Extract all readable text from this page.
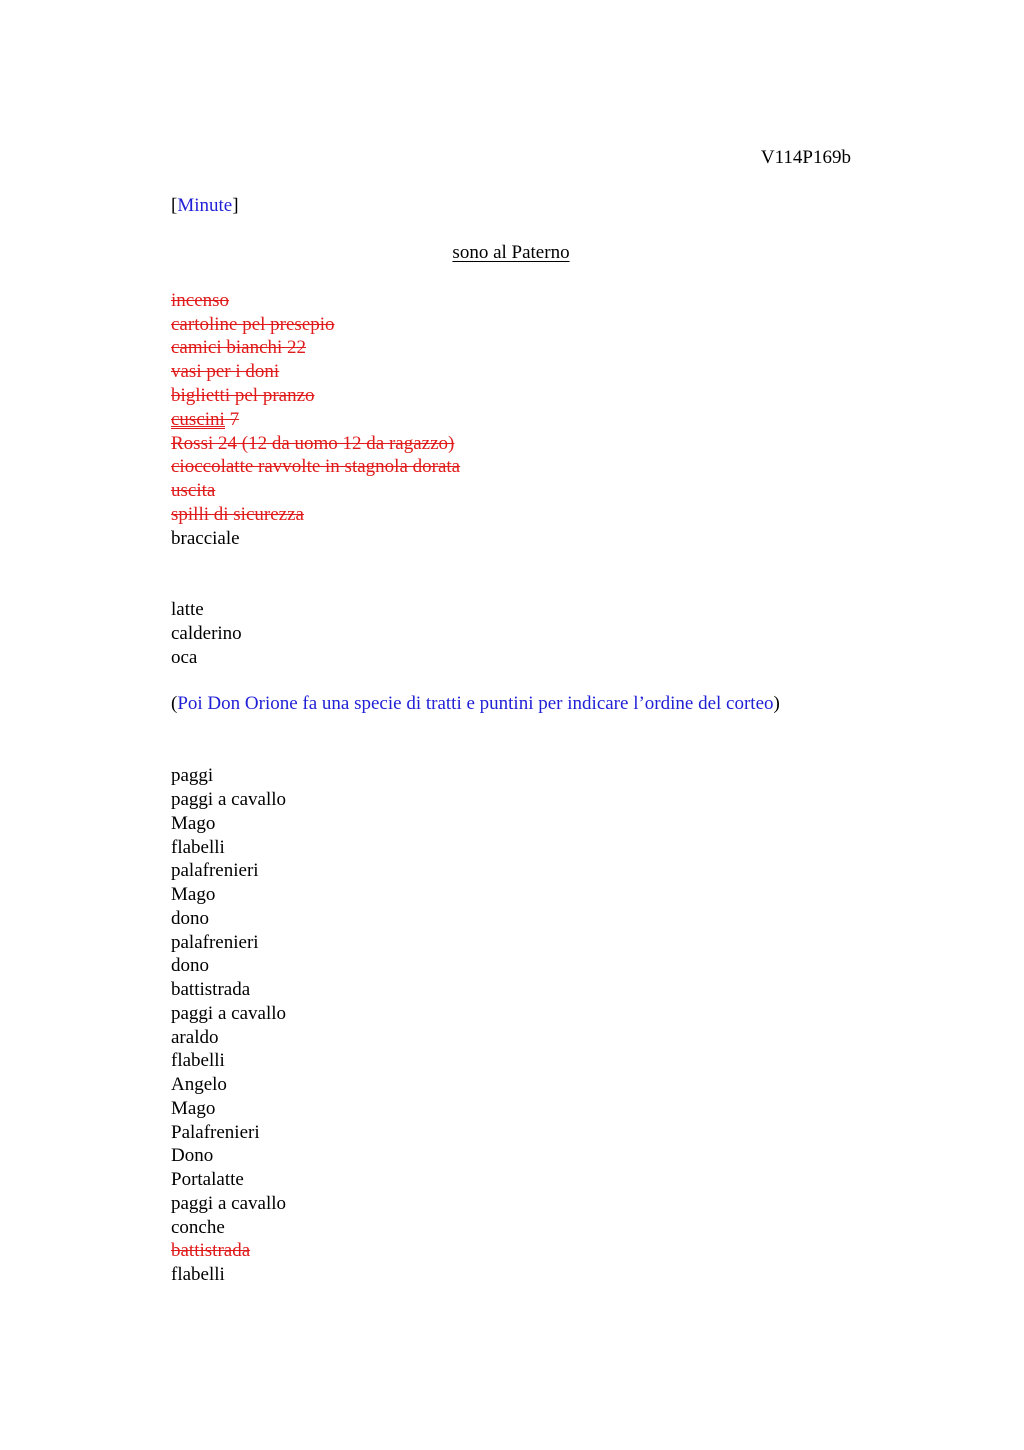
V114P169b
[Minute]
sono al Paterno
incenso
cartoline pel presepio
camici bianchi 22
vasi per i doni
biglietti pel pranzo
cuscini 7
Rossi 24 (12 da uomo 12 da ragazzo)
cioccolatte ravvolte in stagnola dorata
uscita
spilli di sicurezza
bracciale
latte
calderino
oca
(Poi Don Orione fa una specie di tratti e puntini per indicare l’ordine del corteo)
paggi
paggi a cavallo
Mago
flabelli
palafrenieri
Mago
dono
palafrenieri
dono
battistrada
paggi a cavallo
araldo
flabelli
Angelo
Mago
Palafrenieri
Dono
Portalatte
paggi a cavallo
conche
battistrada
flabelli
